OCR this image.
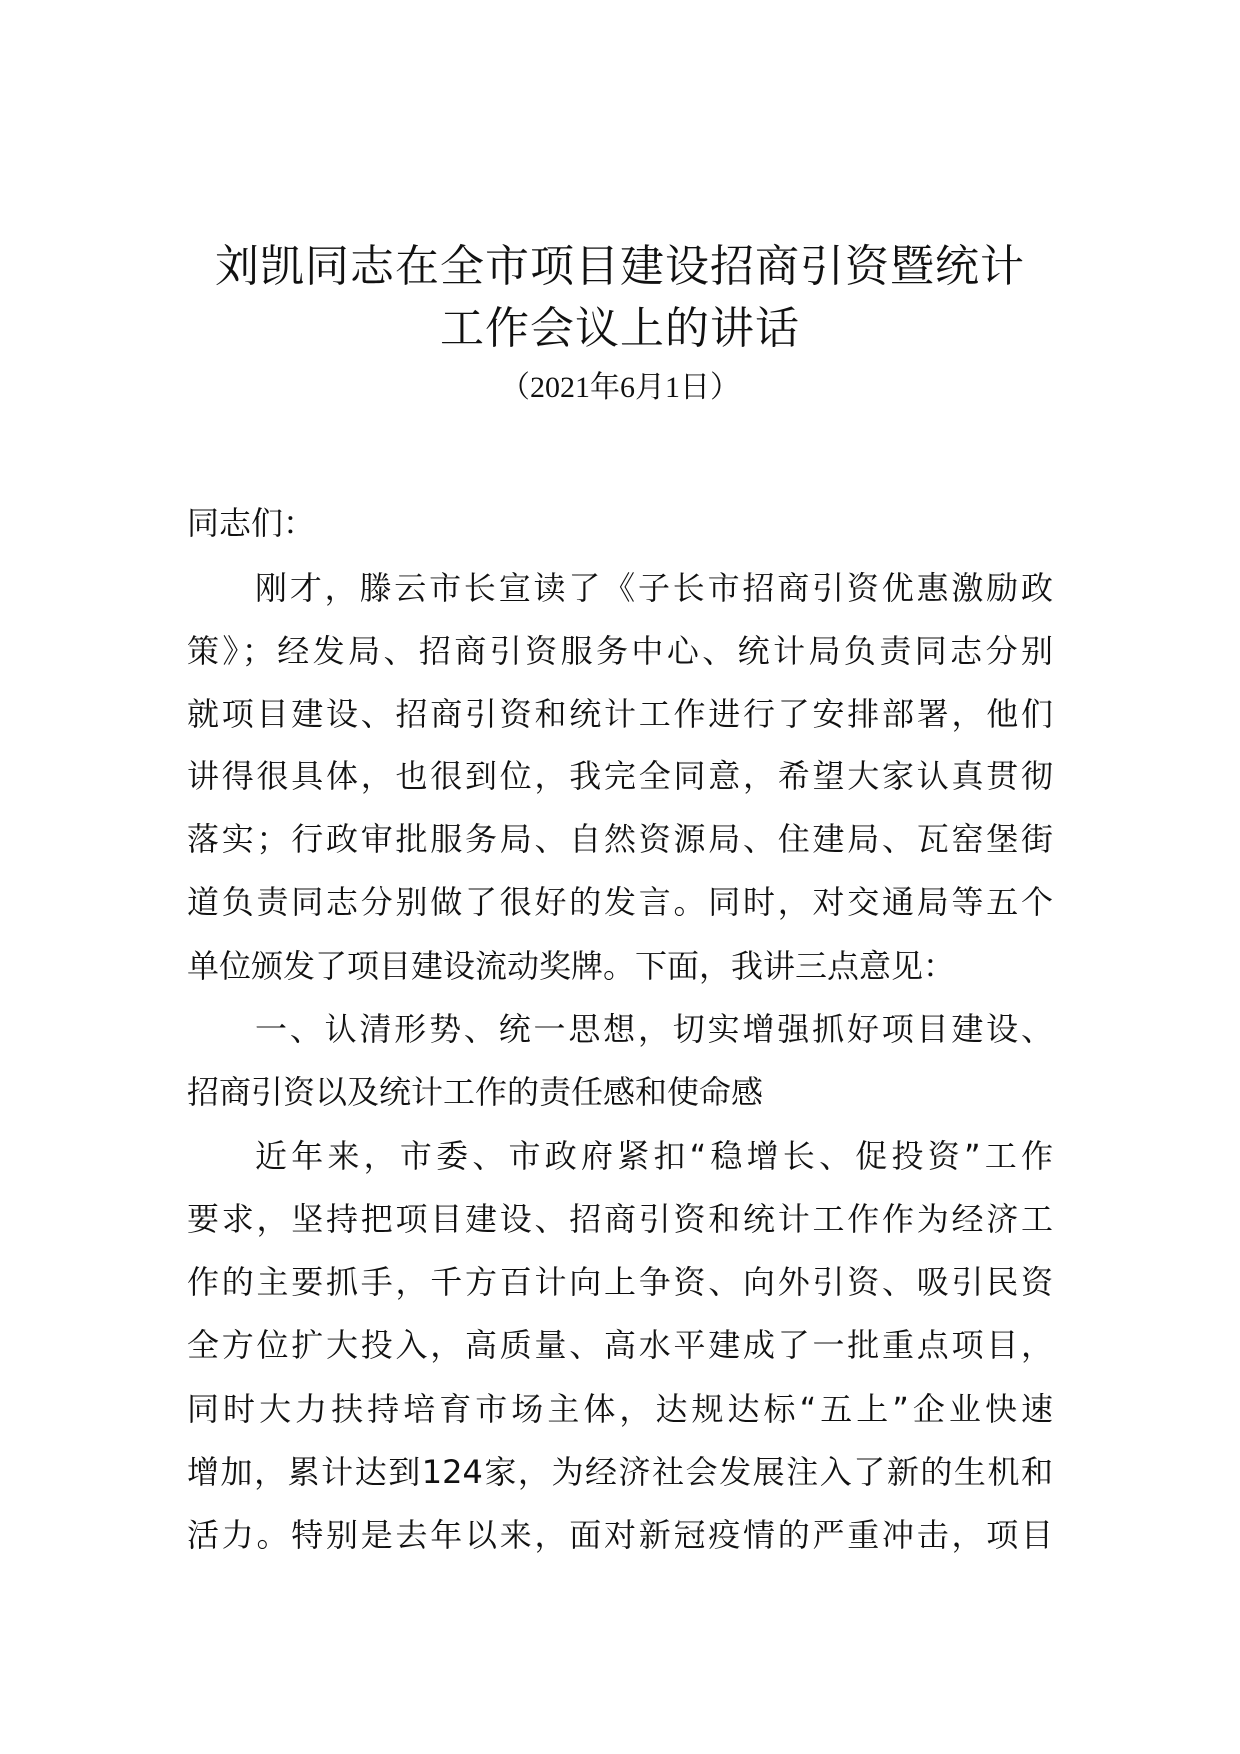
刘凯同志在全市项目建设招商引资暨统计
工作会议上的讲话
（2021年6月1日）

同志们：

刚才，滕云市长宣读了《子长市招商引资优惠激励政

策》；经发局、招商引资服务中心、统计局负责同志分别

就项目建设、招商引资和统计工作进行了安排部署，他们

讲得很具体，也很到位，我完全同意，希望大家认真贯彻

落实；行政审批服务局、自然资源局、住建局、瓦窑堡街

道负责同志分别做了很好的发言。同时，对交通局等五个

单位颁发了项目建设流动奖牌。下面，我讲三点意见：

一、认清形势、统一思想，切实增强抓好项目建设、

招商引资以及统计工作的责任感和使命感

近年来，市委、市政府紧扣“稳增长、促投资”工作

要求，坚持把项目建设、招商引资和统计工作作为经济工

作的主要抓手，千方百计向上争资、向外引资、吸引民资

全方位扩大投入，高质量、高水平建成了一批重点项目，

同时大力扶持培育市场主体，达规达标“五上”企业快速

增加，累计达到124家，为经济社会发展注入了新的生机和

活力。特别是去年以来，面对新冠疫情的严重冲击，项目
